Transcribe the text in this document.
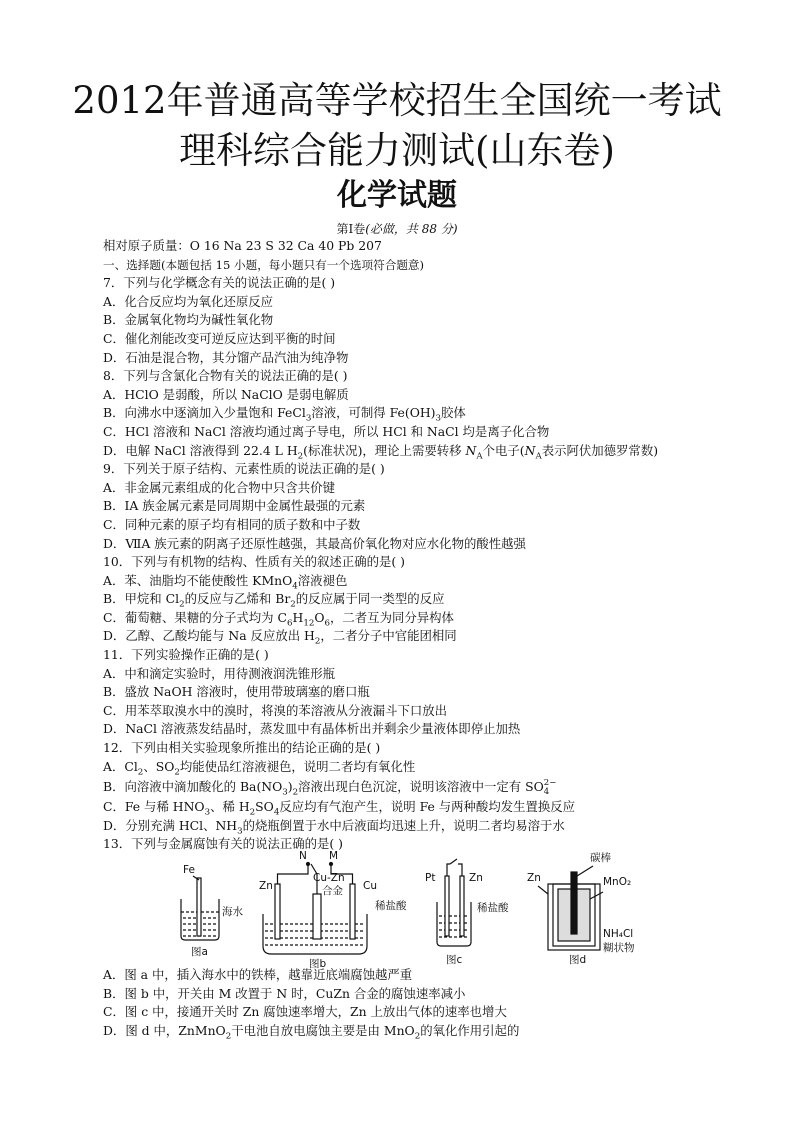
2012年普通高等学校招生全国统一考试
理科综合能力测试(山东卷)
化学试题
第Ⅰ卷(必做，共 88 分)
相对原子质量：O 16 Na 23 S 32 Ca 40 Pb 207
一、选择题(本题包括 15 小题，每小题只有一个选项符合题意)
7．下列与化学概念有关的说法正确的是( )
A．化合反应均为氧化还原反应
B．金属氧化物均为碱性氧化物
C．催化剂能改变可逆反应达到平衡的时间
D．石油是混合物，其分馏产品汽油为纯净物
8．下列与含氯化合物有关的说法正确的是( )
A．HClO 是弱酸，所以 NaClO 是弱电解质
B．向沸水中逐滴加入少量饱和 FeCl$_3$溶液，可制得 $Fe(OH)_3$胶体
C．HCl 溶液和 NaCl 溶液均通过离子导电，所以 HCl 和 NaCl 均是离子化合物
D．电解 NaCl 溶液得到 22.4 L $H_2$(标准状况)，理论上需要转移 $N_A$个电子($N_A$表示阿伏加德罗常数)
9．下列关于原子结构、元素性质的说法正确的是( )
A．非金属元素组成的化合物中只含共价键
B．ⅠA 族金属元素是同周期中金属性最强的元素
C．同种元素的原子均有相同的质子数和中子数
D．ⅦA 族元素的阴离子还原性越强，其最高价氧化物对应水化物的酸性越强
10．下列与有机物的结构、性质有关的叙述正确的是( )
A．苯、油脂均不能使酸性 KMnO$_4$溶液褪色
B．甲烷和 $Cl_2$的反应与乙烯和 $Br_2$的反应属于同一类型的反应
C．葡萄糖、果糖的分子式均为 $C_6H_{12}O_6$，二者互为同分异构体
D．乙醇、乙酸均能与 Na 反应放出 $H_2$，二者分子中官能团相同
11．下列实验操作正确的是( )
A．中和滴定实验时，用待测液润洗锥形瓶
B．盛放 NaOH 溶液时，使用带玻璃塞的磨口瓶
C．用苯萃取溴水中的溴时，将溴的苯溶液从分液漏斗下口放出
D．NaCl 溶液蒸发结晶时，蒸发皿中有晶体析出并剩余少量液体即停止加热
12．下列由相关实验现象所推出的结论正确的是( )
A．$Cl_2$、$SO_2$均能使品红溶液褪色，说明二者均有氧化性
B．向溶液中滴加酸化的 $Ba(NO_3)_2$溶液出现白色沉淀，说明该溶液中一定有 SO 2−
4
C．Fe 与稀 $HNO_3$、稀 $H_2SO_4$反应均有气泡产生，说明 Fe 与两种酸均发生置换反应
D．分别充满 HCl、$NH_3$的烧瓶倒置于水中后液面均迅速上升，说明二者均易溶于水
13．下列与金属腐蚀有关的说法正确的是( )
Fe
海水
图a
N M
Zn
Cu-Zn
合金 Cu
稀盐酸
图b
Pt	Zn
稀盐酸
图c
碳棒
Zn	MnO₂
NH₄Cl
糊状物
图d
A．图 a 中，插入海水中的铁棒，越靠近底端腐蚀越严重
B．图 b 中，开关由 M 改置于 N 时，CuZn 合金的腐蚀速率减小
C．图 c 中，接通开关时 Zn 腐蚀速率增大，Zn 上放出气体的速率也增大
D．图 d 中，ZnMnO$_2$干电池自放电腐蚀主要是由 MnO$_2$的氧化作用引起的
